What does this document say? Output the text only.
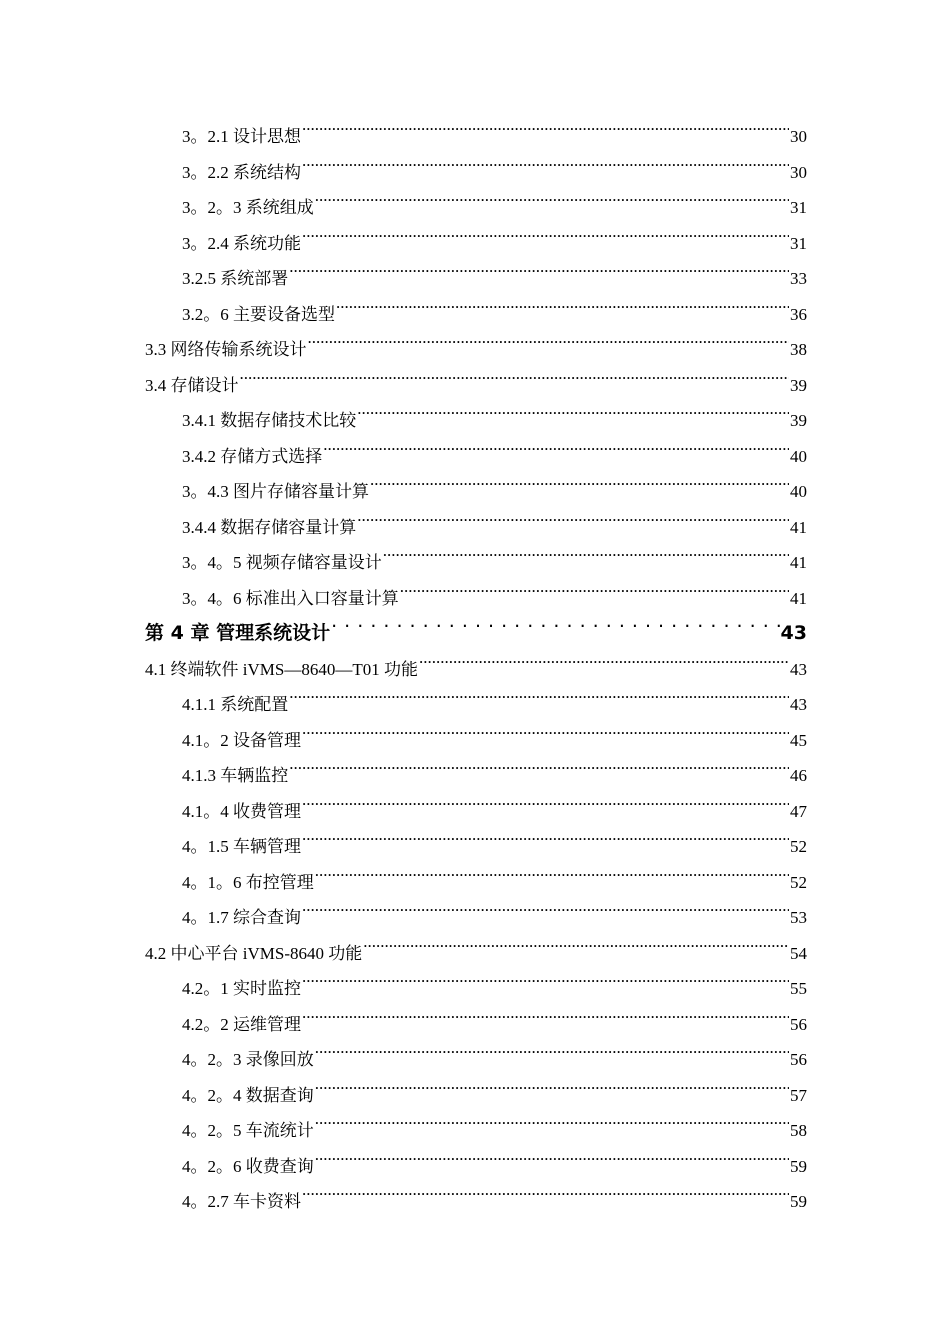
3。2.1 设计思想 .....	30
3。2.2 系统结构 .....	30
3。2。3 系统组成 .....	31
3。2.4 系统功能 .....	31
3.2.5 系统部署 .....	33
3.2。6 主要设备选型 .....	36
3.3 网络传输系统设计 .....	38
3.4 存储设计 .....	39
3.4.1 数据存储技术比较 .....	39
3.4.2 存储方式选择 .....	40
3。4.3 图片存储容量计算 .....	40
3.4.4 数据存储容量计算 .....	41
3。4。5 视频存储容量设计 .....	41
3。4。6 标准出入口容量计算 .....	41
第 4 章 管理系统设计 . . .	43
4.1 终端软件 iVMS—8640—T01 功能 .....	43
4.1.1 系统配置 .....	43
4.1。2 设备管理 .....	45
4.1.3 车辆监控 .....	46
4.1。4 收费管理 .....	47
4。1.5 车辆管理 .....	52
4。1。6 布控管理 .....	52
4。1.7 综合查询 .....	53
4.2 中心平台 iVMS-8640 功能 .....	54
4.2。1 实时监控 .....	55
4.2。2 运维管理 .....	56
4。2。3 录像回放 .....	56
4。2。4 数据查询 .....	57
4。2。5 车流统计 .....	58
4。2。6 收费查询 .....	59
4。2.7 车卡资料 .....	59
